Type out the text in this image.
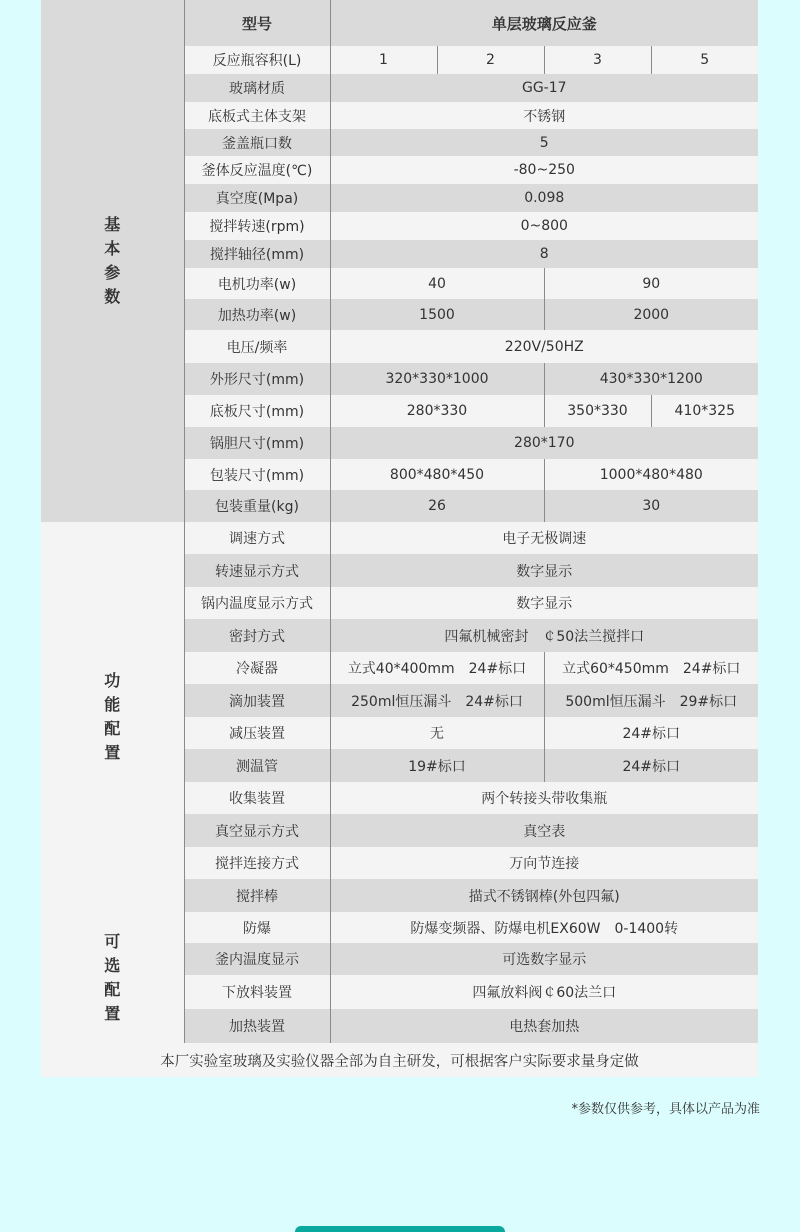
基本参数	型号	单层玻璃反应釜			
	反应瓶容积(L)	1	2	3	5
	玻璃材质	GG-17			
	底板式主体支架	不锈钢			
	釜盖瓶口数	5			
	釜体反应温度(℃)	-80~250			
	真空度(Mpa)	0.098			
	搅拌转速(rpm)	0~800			
	搅拌轴径(mm)	8			
	电机功率(w)	40		90	
	加热功率(w)	1500		2000	
	电压/频率	220V/50HZ			
	外形尺寸(mm)	320*330*1000		430*330*1200	
	底板尺寸(mm)	280*330		350*330	410*325
	锅胆尺寸(mm)	280*170			
	包装尺寸(mm)	800*480*450		1000*480*480	
	包装重量(kg)	26		30	

功能配置	调速方式	电子无极调速			
	转速显示方式	数字显示			
	锅内温度显示方式	数字显示			
	密封方式	四氟机械密封　￠50法兰搅拌口			
	冷凝器	立式40*400mm　24#标口		立式60*450mm　24#标口	
	滴加装置	250ml恒压漏斗　24#标口		500ml恒压漏斗　29#标口	
	减压装置	无		24#标口	
	测温管	19#标口		24#标口	
	收集装置	两个转接头带收集瓶			
	真空显示方式	真空表			
	搅拌连接方式	万向节连接			
	搅拌棒	描式不锈钢棒(外包四氟)			
可选配置	防爆	防爆变频器、防爆电机EX60W　0-1400转			
	釜内温度显示	可选数字显示			
	下放料装置	四氟放料阀￠60法兰口			
	加热装置	电热套加热			
本厂实验室玻璃及实验仪器全部为自主研发，可根据客户实际要求量身定做					
*参数仅供参考，具体以产品为准
